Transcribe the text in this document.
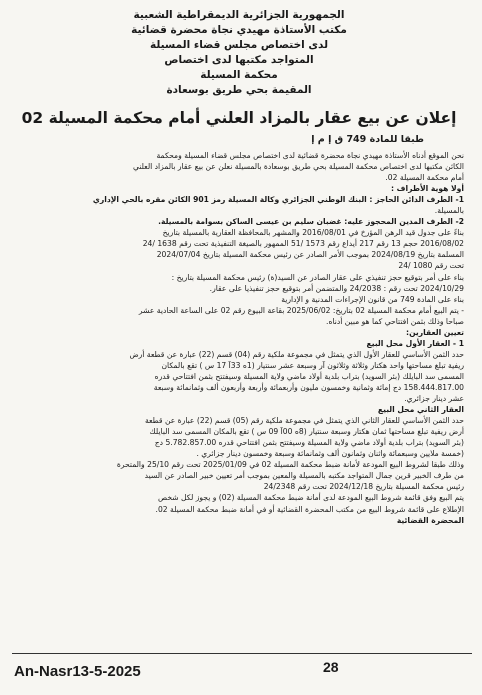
الجمهورية الجزائرية الديمقراطية الشعبية
مكتب الأستاذة مهيدي نجاة محضرة قضائية
لدى اختصاص مجلس قضاء المسيلة
المتواجد مكتبها لدى اختصاص
محكمة المسيلة
المقيمة بحي طريق بوسعادة
إعلان عن بيع عقار بالمزاد العلني أمام محكمة المسيلة 02
طبقا للمادة 749 ق إ م إ
نحن الموقع أدناه الأستاذة مهيدي نجاة محضرة قضائية لدى اختصاص مجلس قضاء المسيلة ومحكمة
الكائن مكتبها لدى اختصاص محكمة المسيلة بحي طريق بوسعادة بالمسيلة نعلن عن بيع عقار بالمزاد العلني
أمام محكمة المسيلة 02.
أولا هوية الأطراف :
1- الطرف الدائن الحاجز : البنك الوطني الجزائري وكالة المسيلة رمز 901 الكائن مقره بالحي الإداري
بالمسيلة.
2- الطرف المدين المحجوز عليه: غضبان سليم بن عيسى الساكن بسوامة بالمسيلة.
بناءً على جدول قيد الرهن المؤرخ في 2016/08/01 والمشهر بالمحافظة العقارية بالمسيلة بتاريخ
2016/08/02 حجم 13 رقم 217 أيداع رقم 1573 /51 الممهور بالصيغة التنفيذية تحت رقم 1638 /24
المسلمة بتاريخ 2024/08/19 بموجب الأمر الصادر عن رئيس محكمة المسيلة بتاريخ 2024/07/04
تحت رقم 1080 /24
بناء على أمر بتوقيع حجز تنفيذي على عقار الصادر عن السيد(ة) رئيس محكمة المسيلة بتاريخ :
2024/10/29 تحت رقم : 24/2038 والمتضمن أمر بتوقيع حجز تنفيذيا على عقار.
بناء على المادة 749 من قانون الإجراءات المدنية و الإدارية
- يتم البيع أمام محكمة المسيلة 02 بتاريخ: 2025/06/02 بقاعة البيوع رقم 02 على الساعة الحادية عشر
صباحا وذلك بثمن افتتاحي كما هو مبين أدناه.
تعيين العقارين:
1 - العقار الأول محل البيع
حدد الثمن الأساسي للعقار الأول الذي يتمثل في مجموعة ملكية رقم (04) قسم (22) عبارة عن قطعة أرض
ريفية تبلغ مساحتها واحد هكتار وثلاثة وثلاثون آر وسبعة عشر سنتيار (1ه 33آ 17 س ) تقع بالمكان
المسمى سد البايلك (بئر السويد) بتراب بلدية أولاد ماضي ولاية المسيلة وسيفتتح بثمن افتتاحي قدره
158.444.817.00 دج إمائة وثمانية وخمسون مليون وأربعمائة وأربعة وأربعون ألف وثمانمائة وسبعة
عشر دينار جزائري.
العقار الثاني محل البيع
حدد الثمن الأساسي للعقار الثاني الذي يتمثل في مجموعة ملكية رقم (05) قسم (22) عبارة عن قطعة
أرض ريفية تبلغ مساحتها ثمان هكتار وسبعة سنتيار (8ه 00آ 09 س ) تقع بالمكان المسمى سد البايلك
(بئر السويد) بتراب بلدية أولاد ماضي ولاية المسيلة وسيفتتح بثمن افتتاحي قدره 5.782.857.00 دج
(خمسة ملايين وسبعمائة واثنان وثمانون ألف وثمانمائة وسبعة وخمسون دينار جزائري .
وذلك طبقا لشروط البيع المودعة لأمانة ضبط محكمة المسيلة 02 في 2025/01/09 تحت رقم 25/10 والمتحرة
من طرف الخبير قرين جمال المتواجد مكتبه بالمسيلة والمعين بموجب أمر تعيين خبير الصادر عن السيد
رئيس محكمة المسيلة بتاريخ 2024/12/18 تحت رقم 24/2348
يتم البيع وفق قائمة شروط البيع المودعة لدى أمانة ضبط محكمة المسيلة (02) و يجوز لكل شخص
الإطلاع على قائمة شروط البيع من مكتب المحضرة القضائية أو في أمانة ضبط محكمة المسيلة 02.
المحضرة القضائية
An-Nasr13-5-2025	28
